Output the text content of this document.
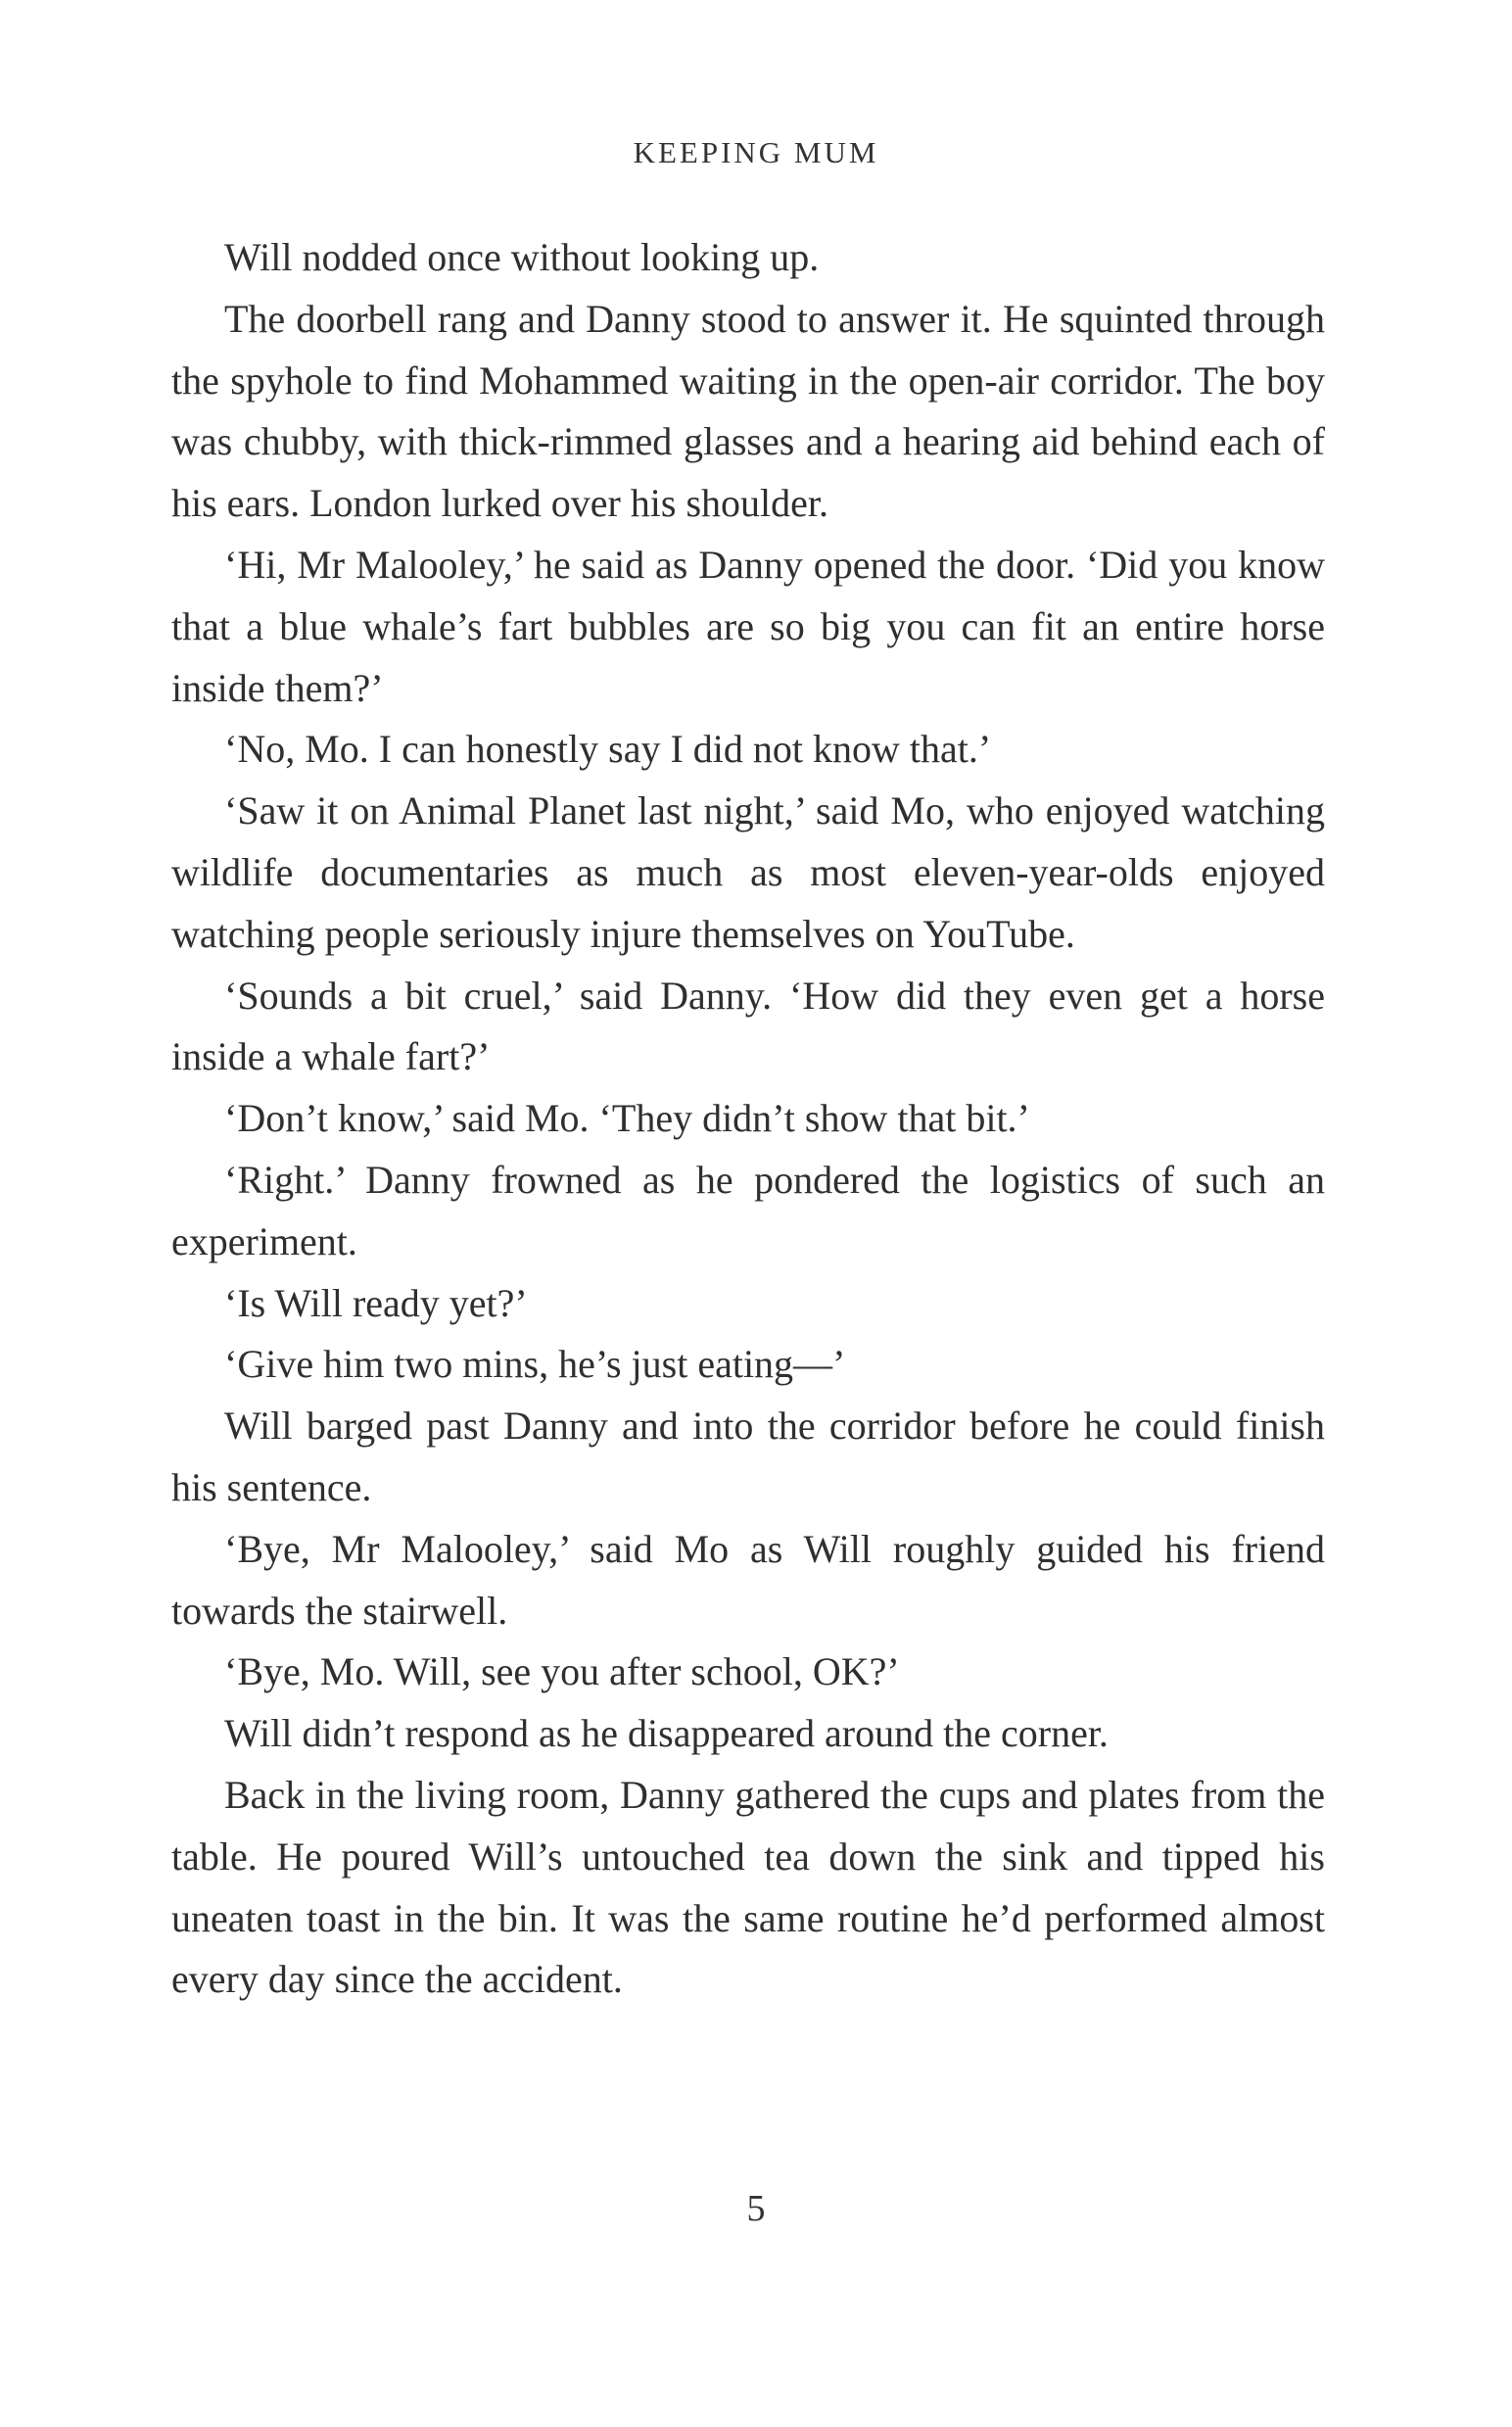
KEEPING MUM

Will nodded once without looking up.

The doorbell rang and Danny stood to answer it. He squinted through the spyhole to find Mohammed waiting in the open-air corridor. The boy was chubby, with thick-rimmed glasses and a hearing aid behind each of his ears. London lurked over his shoulder.

‘Hi, Mr Malooley,’ he said as Danny opened the door. ‘Did you know that a blue whale’s fart bubbles are so big you can fit an entire horse inside them?’

‘No, Mo. I can honestly say I did not know that.’

‘Saw it on Animal Planet last night,’ said Mo, who enjoyed watching wildlife documentaries as much as most eleven-year-olds enjoyed watching people seriously injure themselves on YouTube.

‘Sounds a bit cruel,’ said Danny. ‘How did they even get a horse inside a whale fart?’

‘Don’t know,’ said Mo. ‘They didn’t show that bit.’

‘Right.’ Danny frowned as he pondered the logistics of such an experiment.

‘Is Will ready yet?’

‘Give him two mins, he’s just eating—’

Will barged past Danny and into the corridor before he could finish his sentence.

‘Bye, Mr Malooley,’ said Mo as Will roughly guided his friend towards the stairwell.

‘Bye, Mo. Will, see you after school, OK?’

Will didn’t respond as he disappeared around the corner.

Back in the living room, Danny gathered the cups and plates from the table. He poured Will’s untouched tea down the sink and tipped his uneaten toast in the bin. It was the same routine he’d performed almost every day since the accident.

5
